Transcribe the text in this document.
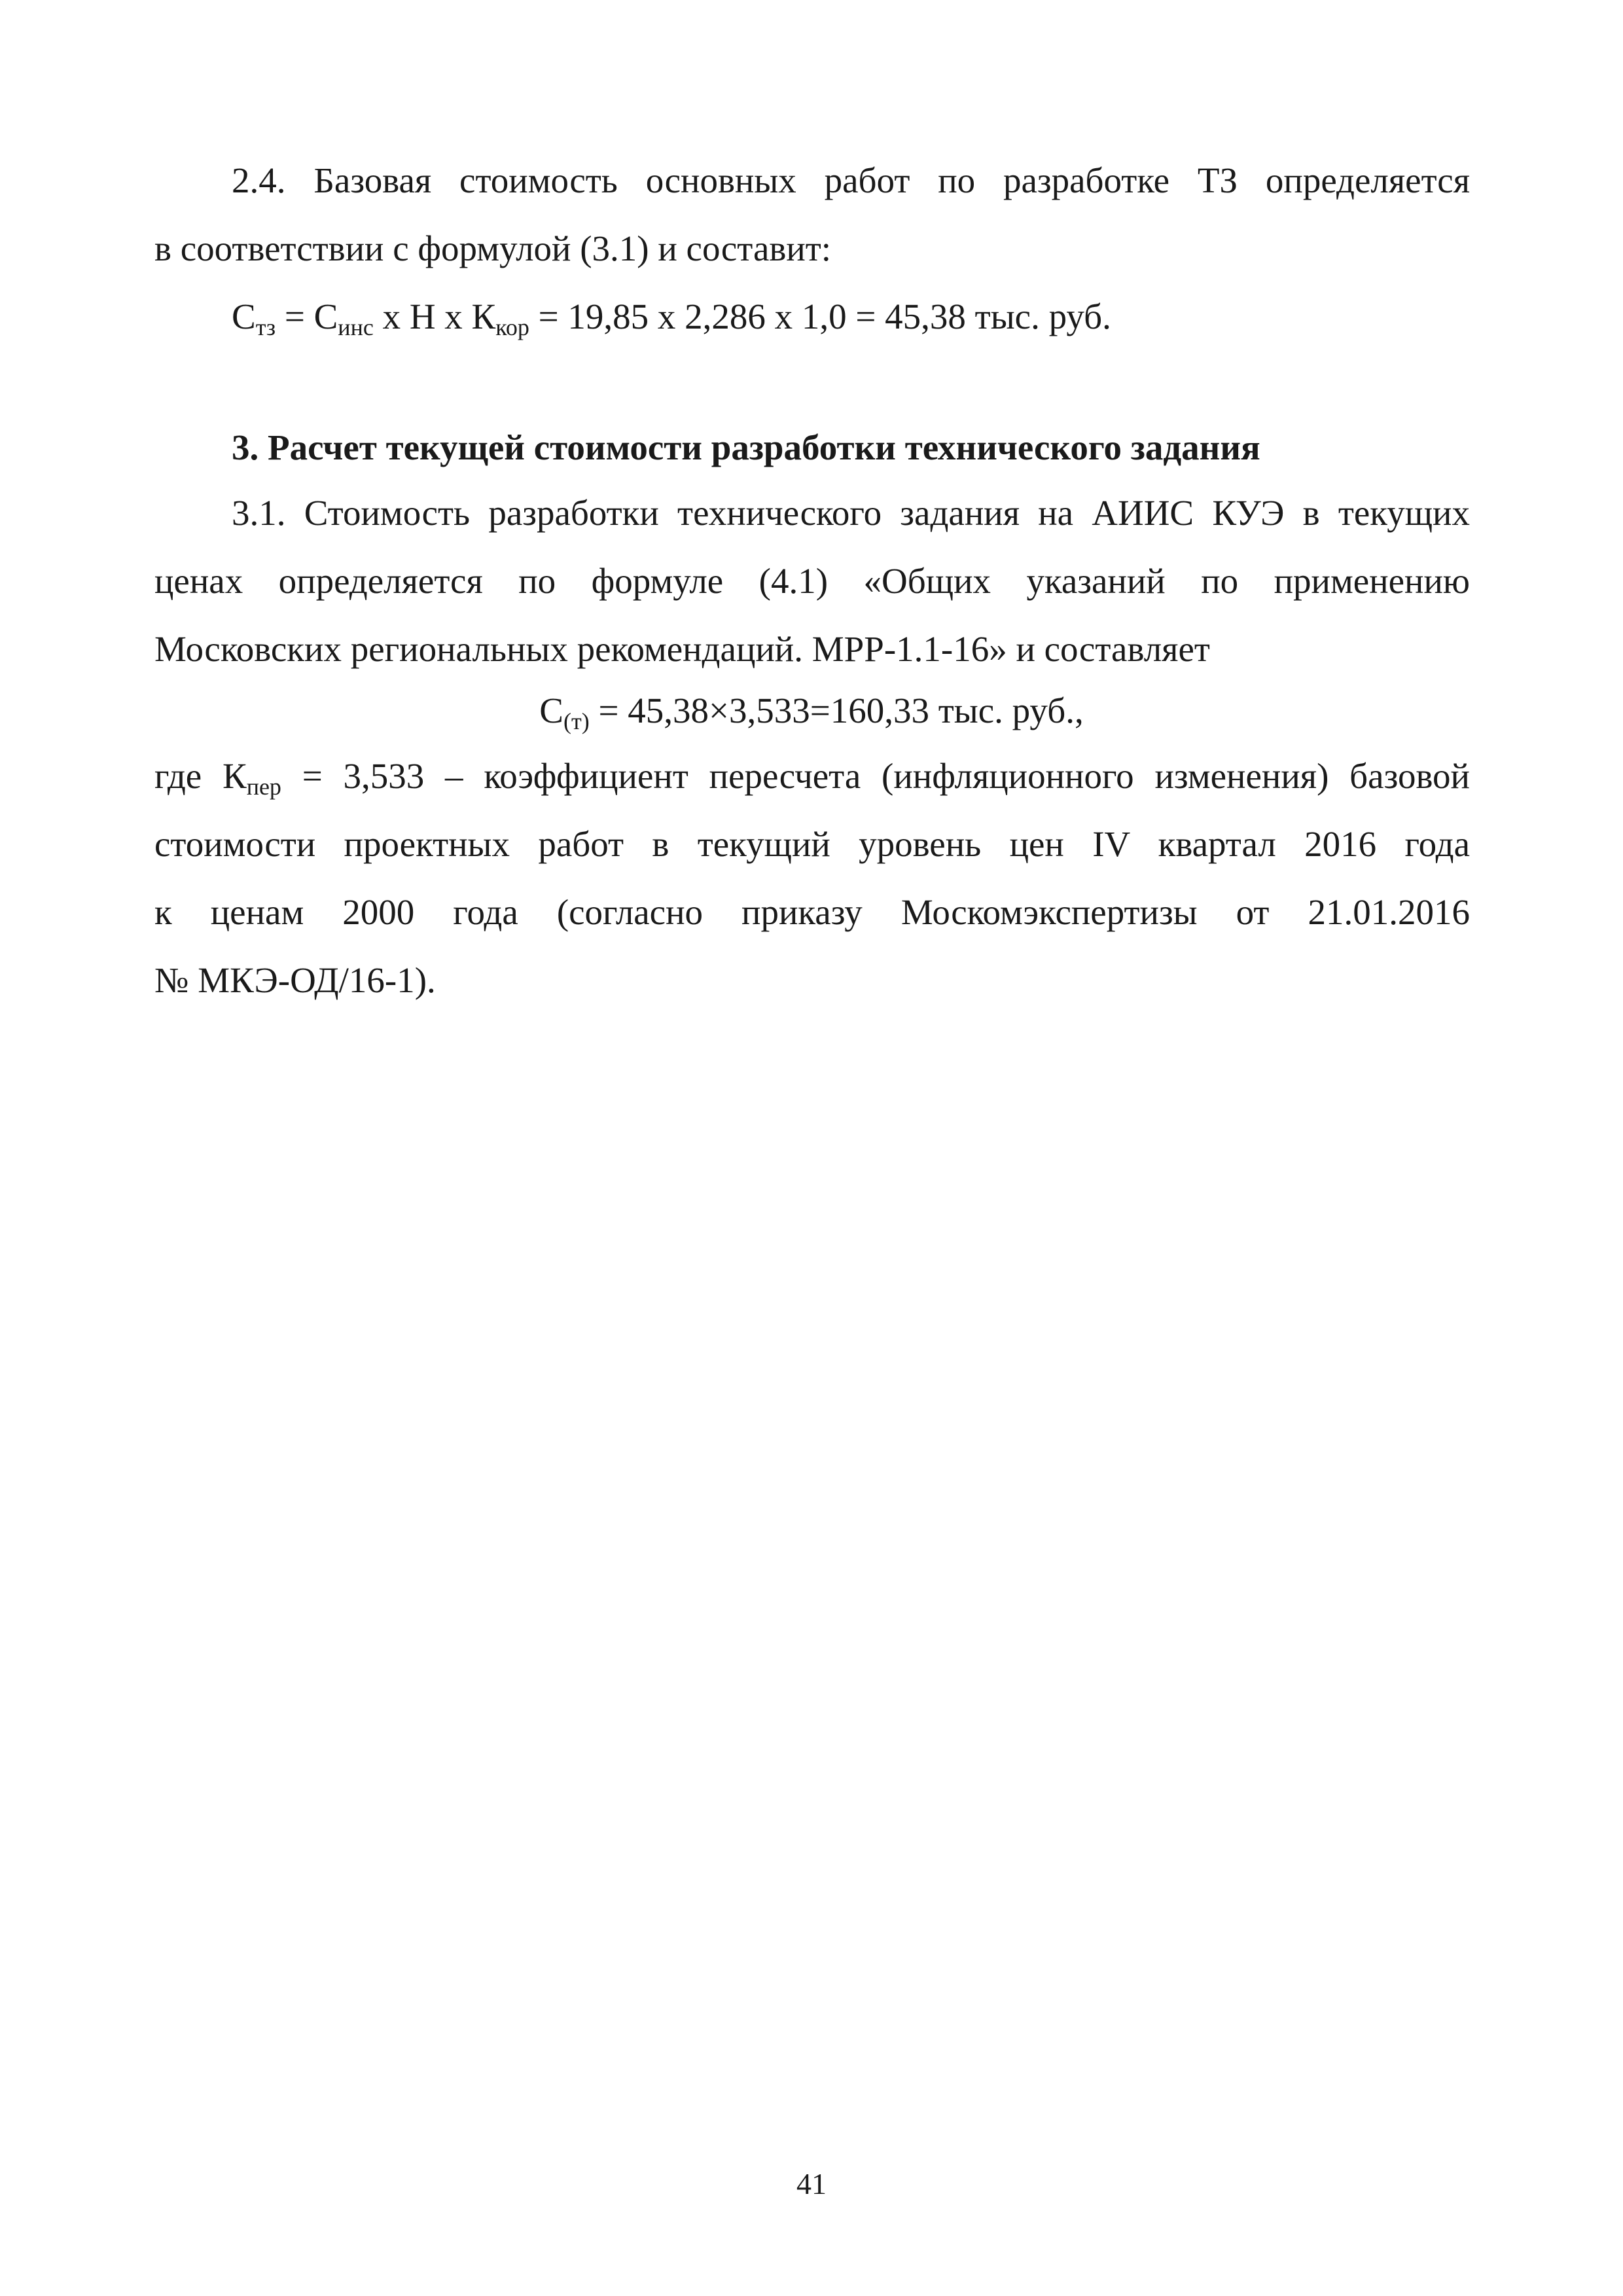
2.4. Базовая стоимость основных работ по разработке ТЗ определяется
в соответствии с формулой (3.1) и составит:
$С_{тз} = С_{инс}$ x Н x $К_{кор} = 19,85$ x 2,286 x 1,0 = 45,38 тыс. руб.
3. Расчет текущей стоимости разработки технического задания
3.1. Стоимость разработки технического задания на АИИС КУЭ в текущих
ценах определяется по формуле (4.1) «Общих указаний по применению
Московских региональных рекомендаций. МРР-1.1-16» и составляет
$С_{(т)} = 45,38\times 3,533=160,33$ тыс. руб.,
где $К_{пер} = 3,533$ – коэффициент пересчета (инфляционного изменения) базовой
стоимости проектных работ в текущий уровень цен IV квартал 2016 года
к ценам 2000 года (согласно приказу Москомэкспертизы от 21.01.2016
№ МКЭ-ОД/16-1).
41
